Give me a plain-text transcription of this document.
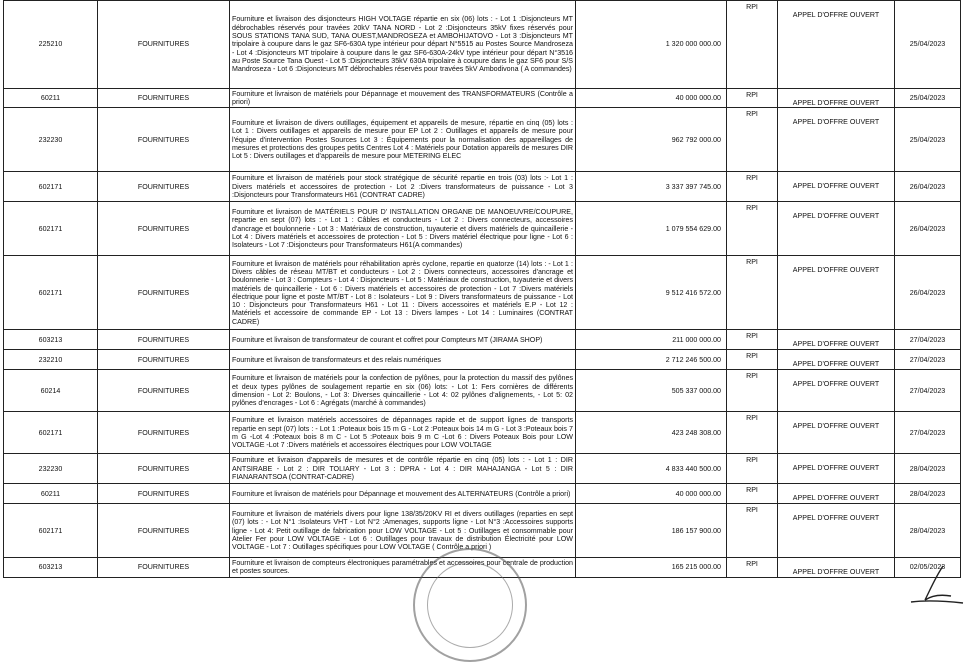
225210	FOURNITURES	Fourniture et livraison des disjoncteurs HIGH VOLTAGE répartie en six (06) lots : - Lot 1 :Disjoncteurs MT débrochables réservés pour travées 20kV TANA NORD - Lot 2 :Disjoncteurs 35kV fixes réservés pour SOUS STATIONS TANA SUD, TANA OUEST,MANDROSEZA et AMBOHIJATOVO - Lot 3 :Disjoncteurs MT tripolaire à coupure dans le gaz SF6-630A type intérieur pour départ N°5515 au Postes Source Mandroseza - Lot 4 :Disjoncteurs MT tripolaire à coupure dans le gaz SF6-630A-24kV type intérieur pour départ N°3516 au Poste Source Tana Ouest - Lot 5 :Disjoncteurs 35kV 630A tripolaire à coupure dans le gaz SF6 pour S/S Mandroseza - Lot 6 :Disjoncteurs MT débrochables réservés pour travées 5kV Ambodivona ( A commandes)	1 320 000 000.00	RPI	APPEL D'OFFRE OUVERT	25/04/2023
60211	FOURNITURES	Fourniture et livraison de matériels pour Dépannage et mouvement des TRANSFORMATEURS (Contrôle a priori)	40 000 000.00	RPI	APPEL D'OFFRE OUVERT	25/04/2023
232230	FOURNITURES	Fourniture et livraison de divers outillages, équipement et appareils de mesure, répartie en cinq (05) lots : Lot 1 : Divers outillages et appareils de mesure pour EP Lot 2 : Outillages et appareils de mesure pour l'équipe d'intervention Postes Sources Lot 3 : Équipements pour la normalisation des appareillages de mesures et protections des groupes petits Centres Lot 4 : Matériels pour Dotation appareils de mesures DIR Lot 5 : Divers outillages et d'appareils de mesure pour METERING ELEC	962 792 000.00	RPI	APPEL D'OFFRE OUVERT	25/04/2023
602171	FOURNITURES	Fourniture et livraison de matériels pour stock stratégique de sécurité repartie en trois (03) lots :- Lot 1 : Divers matériels et accessoires de protection - Lot 2 :Divers transformateurs de puissance - Lot 3 :Disjoncteurs pour Transformateurs H61 (CONTRAT CADRE)	3 337 397 745.00	RPI	APPEL D'OFFRE OUVERT	26/04/2023
602171	FOURNITURES	Fourniture et livraison de MATÉRIELS POUR D' INSTALLATION ORGANE DE MANOEUVRE/COUPURE, repartie en sept (07) lots : - Lot 1 : Câbles et conducteurs - Lot 2 : Divers connecteurs, accessoires d'ancrage et boulonnerie - Lot 3 : Matériaux de construction, tuyauterie et divers matériels de quincaillerie - Lot 4 : Divers matériels et accessoires de protection - Lot 5 : Divers matériel électrique pour ligne - Lot 6 : Isolateurs - Lot 7 :Disjoncteurs pour Transformateurs H61(A commandes)	1 079 554 629.00	RPI	APPEL D'OFFRE OUVERT	26/04/2023
602171	FOURNITURES	Fourniture et livraison de matériels pour réhabilitation après cyclone, repartie en quatorze (14) lots : - Lot 1 : Divers câbles de réseau MT/BT et conducteurs - Lot 2 : Divers connecteurs, accessoires d'ancrage et boulonnerie - Lot 3 : Compteurs - Lot 4 : Disjoncteurs - Lot 5 : Matériaux de construction, tuyauterie et divers matériels de quincaillerie - Lot 6 : Divers matériels et accessoires de protection - Lot 7 :Divers matériels électrique pour ligne et poste MT/BT - Lot 8 : Isolateurs - Lot 9 : Divers transformateurs de puissance - Lot 10 : Disjoncteurs pour Transformateurs H61 - Lot 11 : Divers accessoires et matériels E.P - Lot 12 : Matériels et accessoire de commande EP - Lot 13 : Divers lampes - Lot 14 : Luminaires (CONTRAT CADRE)	9 512 416 572.00	RPI	APPEL D'OFFRE OUVERT	26/04/2023
603213	FOURNITURES	Fourniture et livraison de transformateur de courant et coffret pour Compteurs MT (JIRAMA SHOP)	211 000 000.00	RPI	APPEL D'OFFRE OUVERT	27/04/2023
232210	FOURNITURES	Fourniture et livraison de transformateurs et des relais numériques	2 712 246 500.00	RPI	APPEL D'OFFRE OUVERT	27/04/2023
60214	FOURNITURES	Fourniture et livraison de matériels pour la confection de pylônes, pour la protection du massif des pylônes et deux types pylônes de soulagement repartie en six (06) lots: - Lot 1: Fers cornières de différents dimension - Lot 2: Boulons, - Lot 3: Diverses quincaillerie - Lot 4: 02 pylônes d'alignements, - Lot 5: 02 pylônes d'encrages - Lot 6 : Agrégats (marché à commandes)	505 337 000.00	RPI	APPEL D'OFFRE OUVERT	27/04/2023
602171	FOURNITURES	Fourniture et livraison matériels accessoires de dépannages rapide et de support lignes de transports repartie en sept (07) lots : - Lot 1 :Poteaux bois 15 m G - Lot 2 :Poteaux bois 14 m G - Lot 3 :Poteaux bois 7 m G -Lot 4 :Poteaux bois 8 m C - Lot 5 :Poteaux bois 9 m C -Lot 6 : Divers Poteaux Bois pour LOW VOLTAGE -Lot 7 :Divers matériels et accessoires électriques pour LOW VOLTAGE	423 248 308.00	RPI	APPEL D'OFFRE OUVERT	27/04/2023
232230	FOURNITURES	Fourniture et livraison d'appareils de mesures et de contrôle répartie en cinq (05) lots : - Lot 1 : DIR ANTSIRABE - Lot 2 : DIR TOLIARY - Lot 3 : DPRA - Lot 4 : DIR MAHAJANGA - Lot 5 : DIR FIANARANTSOA (CONTRAT-CADRE)	4 833 440 500.00	RPI	APPEL D'OFFRE OUVERT	28/04/2023
60211	FOURNITURES	Fourniture et livraison de matériels pour Dépannage et mouvement des ALTERNATEURS (Contrôle a priori)	40 000 000.00	RPI	APPEL D'OFFRE OUVERT	28/04/2023
602171	FOURNITURES	Fourniture et livraison de matériels divers pour ligne 138/35/20KV RI et divers outillages (reparties en sept (07) lots : - Lot N°1 :Isolateurs VHT - Lot N°2 :Amenages, supports ligne - Lot N°3 :Accessoires supports ligne - Lot 4: Petit outillage de fabrication pour LOW VOLTAGE - Lot 5 : Outillages et consommable pour Atelier Fer pour LOW VOLTAGE - Lot 6 : Outillages pour travaux de distribution Électricité pour LOW VOLTAGE - Lot 7 : Outillages spécifiques pour LOW VOLTAGE ( Contrôle a priori )	186 157 900.00	RPI	APPEL D'OFFRE OUVERT	28/04/2023
603213	FOURNITURES	Fourniture et livraison de compteurs électroniques paramétrables et accessoires pour centrale de production et postes sources.	165 215 000.00	RPI	APPEL D'OFFRE OUVERT	02/05/2023
